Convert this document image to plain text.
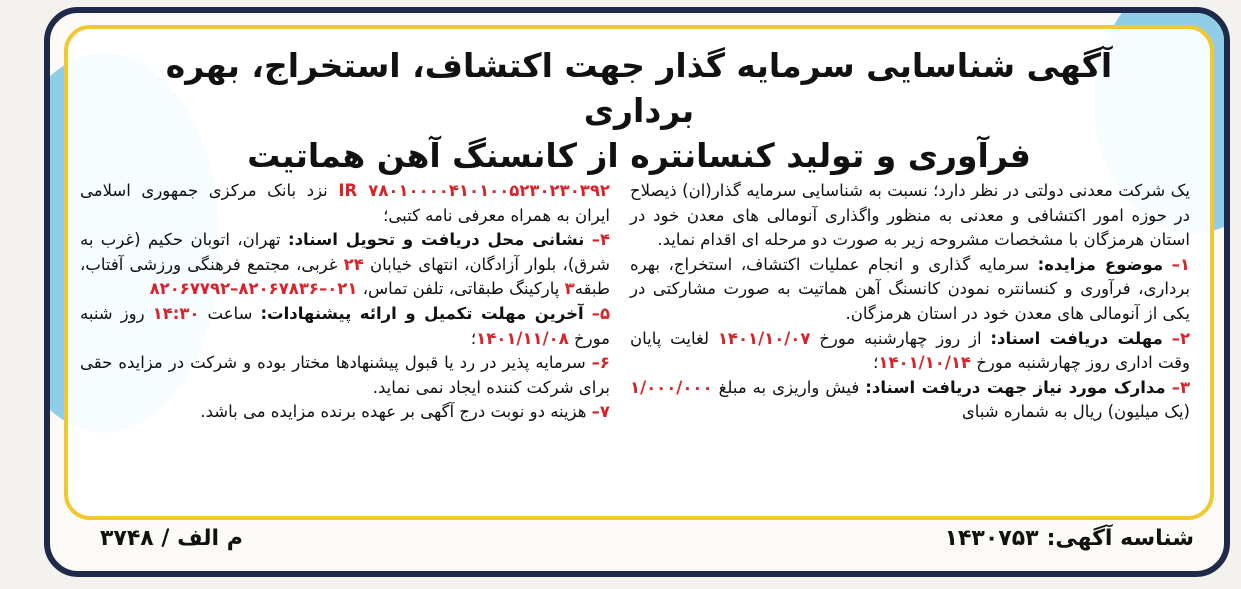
آگهی شناسایی سرمایه گذار جهت اکتشاف، استخراج، بهره برداری
فرآوری و تولید کنسانتره از کانسنگ آهن هماتیت

یک شرکت معدنی دولتی در نظر دارد؛ نسبت به شناسایی سرمایه گذار(ان) ذیصلاح در حوزه امور اکتشافی و معدنی به منظور واگذاری آنومالی های معدن خود در استان هرمزگان با مشخصات مشروحه زیر به صورت دو مرحله ای اقدام نماید.

۱– موضوع مزایده: سرمایه گذاری و انجام عملیات اکتشاف، استخراج، بهره برداری، فرآوری و کنسانتره نمودن کانسنگ آهن هماتیت به صورت مشارکتی در یکی از آنومالی های معدن خود در استان هرمزگان.

۲– مهلت دریافت اسناد: از روز چهارشنبه مورخ ۱۴۰۱/۱۰/۰۷ لغایت پایان وقت اداری روز چهارشنبه مورخ ۱۴۰۱/۱۰/۱۴؛

۳– مدارک مورد نیاز جهت دریافت اسناد: فیش واریزی به مبلغ ۱/۰۰۰/۰۰۰ (یک میلیون) ریال به شماره شبای

IR ۷۸۰۱۰۰۰۰۴۱۰۱۰۰۵۲۳۰۲۳۰۳۹۲ نزد بانک مرکزی جمهوری اسلامی ایران به همراه معرفی نامه کتبی؛

۴– نشانی محل دریافت و تحویل اسناد: تهران، اتوبان حکیم (غرب به شرق)، بلوار آزادگان، انتهای خیابان ۲۴ غربی، مجتمع فرهنگی ورزشی آفتاب، طبقه۳ پارکینگ طبقاتی، تلفن تماس، ۰۲۱–۸۲۰۶۷۸۳۶–۸۲۰۶۷۷۹۲

۵– آخرین مهلت تکمیل و ارائه پیشنهادات: ساعت ۱۴:۳۰ روز شنبه مورخ ۱۴۰۱/۱۱/۰۸؛

۶– سرمایه پذیر در رد یا قبول پیشنهادها مختار بوده و شرکت در مزایده حقی برای شرکت کننده ایجاد نمی نماید.

۷– هزینه دو نوبت درج آگهی بر عهده برنده مزایده می باشد.

شناسه آگهی:۱۴۳۰۷۵۳
م الف / ۳۷۴۸
